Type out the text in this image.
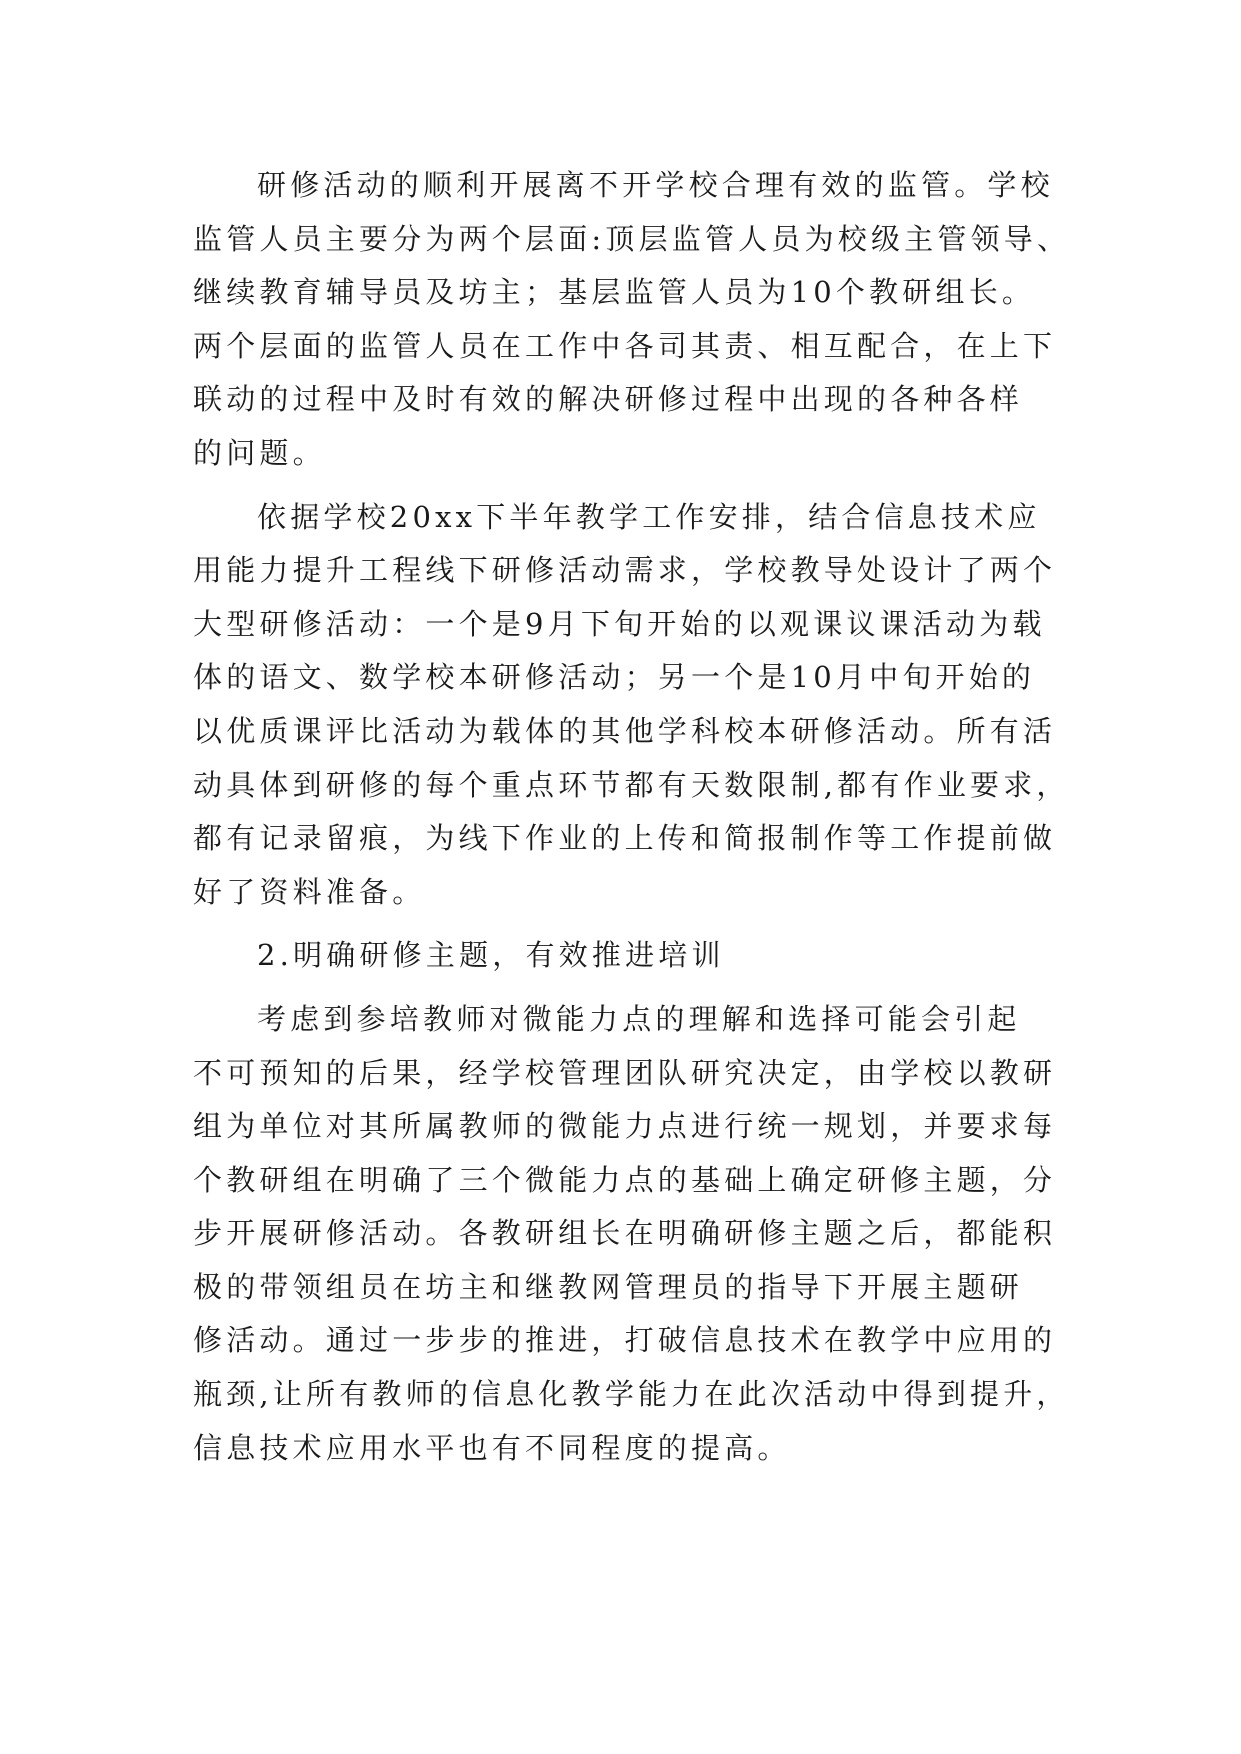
研修活动的顺利开展离不开学校合理有效的监管。学校
监管人员主要分为两个层面:顶层监管人员为校级主管领导、
继续教育辅导员及坊主；基层监管人员为10个教研组长。
两个层面的监管人员在工作中各司其责、相互配合，在上下
联动的过程中及时有效的解决研修过程中出现的各种各样
的问题。
依据学校20xx下半年教学工作安排，结合信息技术应
用能力提升工程线下研修活动需求，学校教导处设计了两个
大型研修活动：一个是9月下旬开始的以观课议课活动为载
体的语文、数学校本研修活动；另一个是10月中旬开始的
以优质课评比活动为载体的其他学科校本研修活动。所有活
动具体到研修的每个重点环节都有天数限制,都有作业要求，
都有记录留痕，为线下作业的上传和简报制作等工作提前做
好了资料准备。
2.明确研修主题，有效推进培训
考虑到参培教师对微能力点的理解和选择可能会引起
不可预知的后果，经学校管理团队研究决定，由学校以教研
组为单位对其所属教师的微能力点进行统一规划，并要求每
个教研组在明确了三个微能力点的基础上确定研修主题，分
步开展研修活动。各教研组长在明确研修主题之后，都能积
极的带领组员在坊主和继教网管理员的指导下开展主题研
修活动。通过一步步的推进，打破信息技术在教学中应用的
瓶颈,让所有教师的信息化教学能力在此次活动中得到提升，
信息技术应用水平也有不同程度的提高。
